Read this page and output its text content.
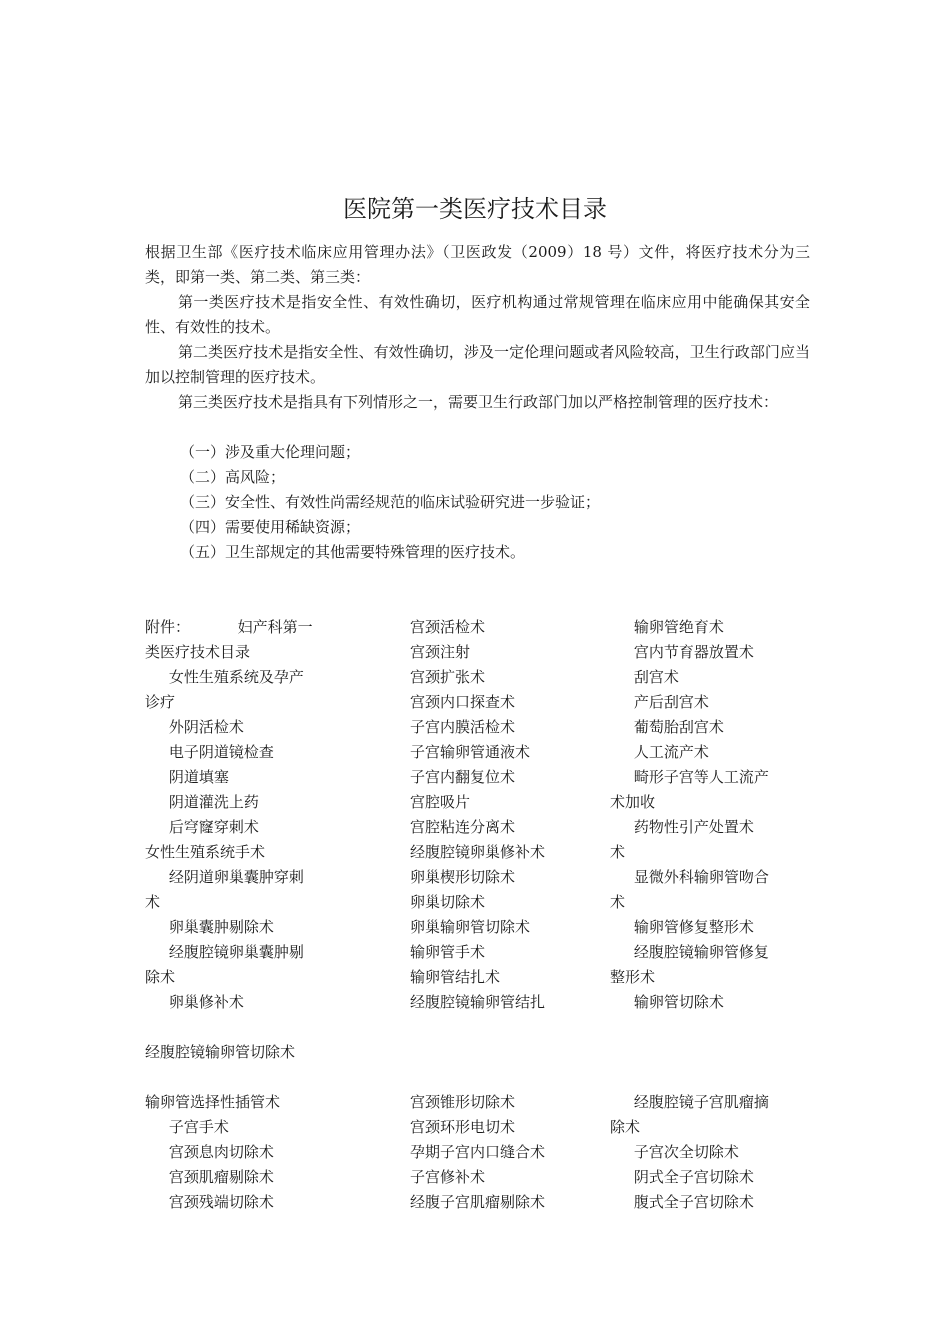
医院第一类医疗技术目录
根据卫生部《医疗技术临床应用管理办法》（卫医政发（2009）18 号）文件，将医疗技术分为三类，即第一类、第二类、第三类：
第一类医疗技术是指安全性、有效性确切，医疗机构通过常规管理在临床应用中能确保其安全性、有效性的技术。
第二类医疗技术是指安全性、有效性确切，涉及一定伦理问题或者风险较高，卫生行政部门应当加以控制管理的医疗技术。
第三类医疗技术是指具有下列情形之一，需要卫生行政部门加以严格控制管理的医疗技术：
（一）涉及重大伦理问题；
（二）高风险；
（三）安全性、有效性尚需经规范的临床试验研究进一步验证；
（四）需要使用稀缺资源；
（五）卫生部规定的其他需要特殊管理的医疗技术。
附件：          妇产科第一
类医疗技术目录
女性生殖系统及孕产
诊疗
外阴活检术
电子阴道镜检查
阴道填塞
阴道灌洗上药
后穹窿穿刺术
女性生殖系统手术
经阴道卵巢囊肿穿刺
术
卵巢囊肿剔除术
经腹腔镜卵巢囊肿剔
除术
卵巢修补术
宫颈活检术
宫颈注射
宫颈扩张术
宫颈内口探查术
子宫内膜活检术
子宫输卵管通液术
子宫内翻复位术
宫腔吸片
宫腔粘连分离术
经腹腔镜卵巢修补术
卵巢楔形切除术
卵巢切除术
卵巢输卵管切除术
输卵管手术
输卵管结扎术
经腹腔镜输卵管结扎
输卵管绝育术
宫内节育器放置术
刮宫术
产后刮宫术
葡萄胎刮宫术
人工流产术
畸形子宫等人工流产
术加收
药物性引产处置术
术
显微外科输卵管吻合
术
输卵管修复整形术
经腹腔镜输卵管修复
整形术
输卵管切除术
经腹腔镜输卵管切除术
输卵管选择性插管术
子宫手术
宫颈息肉切除术
宫颈肌瘤剔除术
宫颈残端切除术
宫颈锥形切除术
宫颈环形电切术
孕期子宫内口缝合术
子宫修补术
经腹子宫肌瘤剔除术
经腹腔镜子宫肌瘤摘
除术
子宫次全切除术
阴式全子宫切除术
腹式全子宫切除术
